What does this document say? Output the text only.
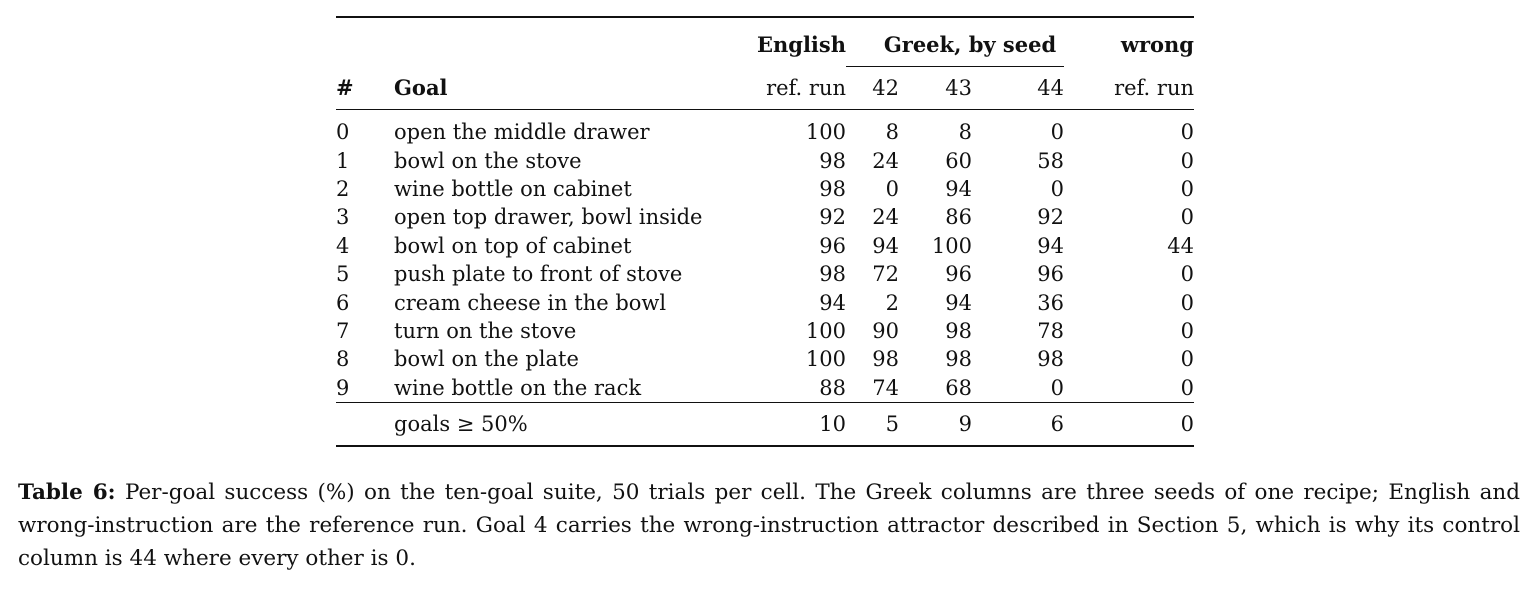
		English	Greek, by seed			wrong
#	Goal	ref. run	42	43	44	ref. run
0	open the middle drawer	100	8	8	0	0
1	bowl on the stove	98	24	60	58	0
2	wine bottle on cabinet	98	0	94	0	0
3	open top drawer, bowl inside	92	24	86	92	0
4	bowl on top of cabinet	96	94	100	94	44
5	push plate to front of stove	98	72	96	96	0
6	cream cheese in the bowl	94	2	94	36	0
7	turn on the stove	100	90	98	78	0
8	bowl on the plate	100	98	98	98	0
9	wine bottle on the rack	88	74	68	0	0
	goals ≥ 50%	10	5	9	6	0
Table 6: Per-goal success (%) on the ten-goal suite, 50 trials per cell. The Greek columns are three seeds of one recipe; English and wrong-instruction are the reference run. Goal 4 carries the wrong-instruction attractor described in Section 5, which is why its control column is 44 where every other is 0.
